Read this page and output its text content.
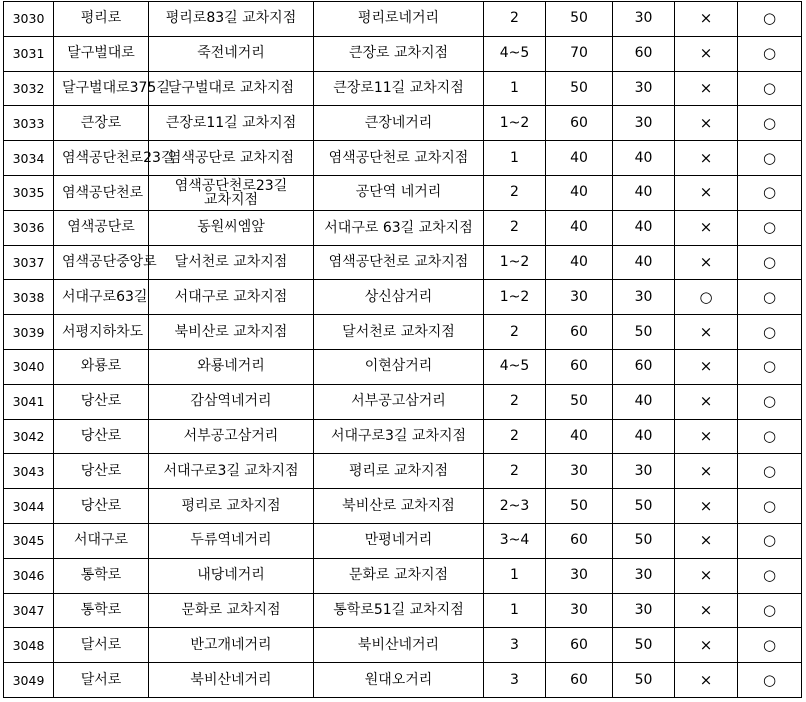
3030	평리로	평리로83길 교차지점	평리로네거리	2	50	30	×	○
3031	달구벌대로	죽전네거리	큰장로 교차지점	4~5	70	60	×	○
3032	달구벌대로375길	달구벌대로 교차지점	큰장로11길 교차지점	1	50	30	×	○
3033	큰장로	큰장로11길 교차지점	큰장네거리	1~2	60	30	×	○
3034	염색공단천로23길	염색공단로 교차지점	염색공단천로 교차지점	1	40	40	×	○
3035	염색공단천로	염색공단천로23길 교차지점	공단역 네거리	2	40	40	×	○
3036	염색공단로	동원씨엠앞	서대구로 63길 교차지점	2	40	40	×	○
3037	염색공단중앙로	달서천로 교차지점	염색공단천로 교차지점	1~2	40	40	×	○
3038	서대구로63길	서대구로 교차지점	상신삼거리	1~2	30	30	○	○
3039	서평지하차도	북비산로 교차지점	달서천로 교차지점	2	60	50	×	○
3040	와룡로	와룡네거리	이현삼거리	4~5	60	60	×	○
3041	당산로	감삼역네거리	서부공고삼거리	2	50	40	×	○
3042	당산로	서부공고삼거리	서대구로3길 교차지점	2	40	40	×	○
3043	당산로	서대구로3길 교차지점	평리로 교차지점	2	30	30	×	○
3044	당산로	평리로 교차지점	북비산로 교차지점	2~3	50	50	×	○
3045	서대구로	두류역네거리	만평네거리	3~4	60	50	×	○
3046	통학로	내당네거리	문화로 교차지점	1	30	30	×	○
3047	통학로	문화로 교차지점	통학로51길 교차지점	1	30	30	×	○
3048	달서로	반고개네거리	북비산네거리	3	60	50	×	○
3049	달서로	북비산네거리	원대오거리	3	60	50	×	○
